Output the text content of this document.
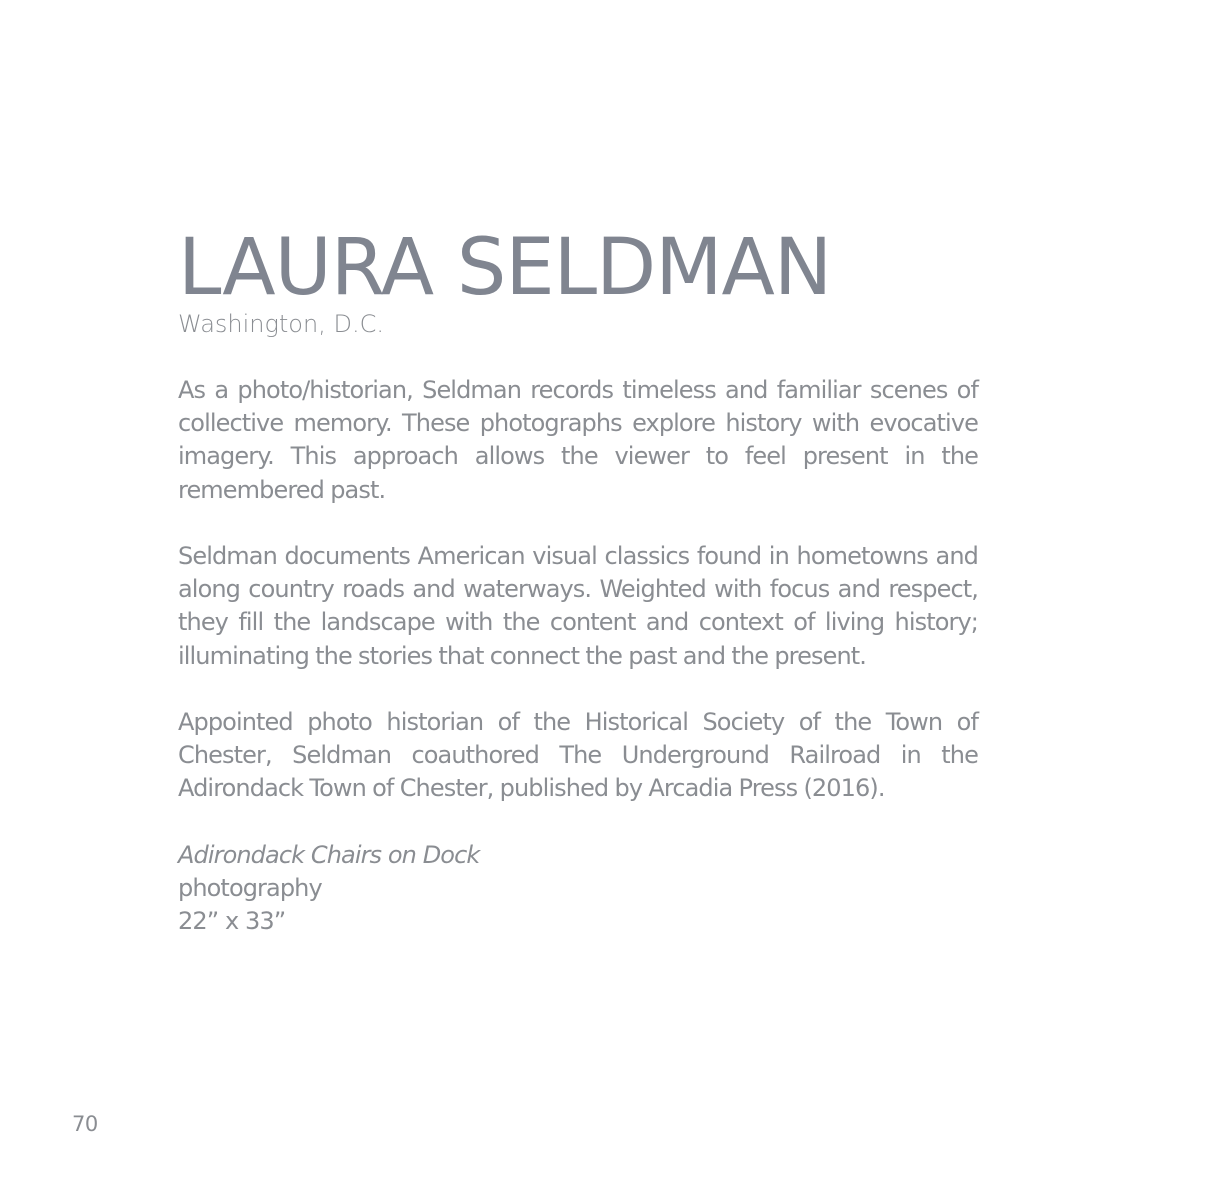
LAURA SELDMAN
Washington, D.C.

As a photo/historian, Seldman records timeless and familiar scenes of collective memory. These photographs explore history with evocative imagery. This approach allows the viewer to feel present in the remembered past.

Seldman documents American visual classics found in hometowns and along country roads and waterways. Weighted with focus and respect, they fill the landscape with the content and context of living history; illuminating the stories that connect the past and the present.

Appointed photo historian of the Historical Society of the Town of Chester, Seldman coauthored The Underground Railroad in the Adirondack Town of Chester, published by Arcadia Press (2016).

Adirondack Chairs on Dock
photography
22” x 33”
70
